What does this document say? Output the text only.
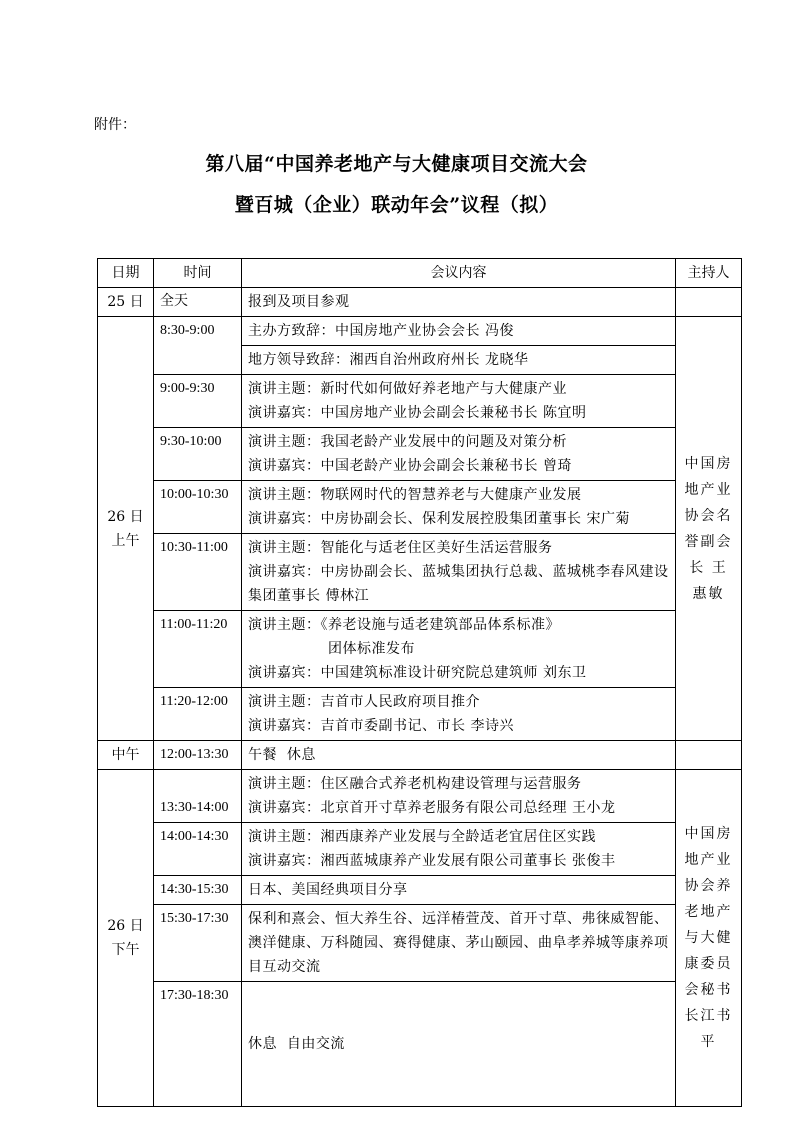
附件：
第八届“中国养老地产与大健康项目交流大会
暨百城（企业）联动年会”议程（拟）
日期	时间	会议内容	主持人
25 日	全天	报到及项目参观	

26 日
上午	8:30-9:00	主办方致辞：中国房地产业协会会长 冯俊	中国房地产业协会名誉副会长 王惠敏

		地方领导致辞：湘西自治州政府州长 龙晓华	

	9:00-9:30	演讲主题：新时代如何做好养老地产与大健康产业
演讲嘉宾：中国房地产业协会副会长兼秘书长 陈宜明	

	9:30-10:00	演讲主题：我国老龄产业发展中的问题及对策分析
演讲嘉宾：中国老龄产业协会副会长兼秘书长 曾琦	

	10:00-10:30	演讲主题：物联网时代的智慧养老与大健康产业发展
演讲嘉宾：中房协副会长、保利发展控股集团董事长 宋广菊	

	10:30-11:00	演讲主题：智能化与适老住区美好生活运营服务
演讲嘉宾：中房协副会长、蓝城集团执行总裁、蓝城桃李春风建设集团董事长 傅林江	

	11:00-11:20	演讲主题：《养老设施与适老建筑部品体系标准》
团体标准发布
演讲嘉宾：中国建筑标准设计研究院总建筑师 刘东卫	

	11:20-12:00	演讲主题：吉首市人民政府项目推介
演讲嘉宾：吉首市委副书记、市长 李诗兴	

中午	12:00-13:30	午餐  休息	

26 日
下午	13:30-14:00	演讲主题：住区融合式养老机构建设管理与运营服务
演讲嘉宾：北京首开寸草养老服务有限公司总经理 王小龙	中国房地产业协会养老地产与大健康委员会秘书长江书平
	14:00-14:30	演讲主题：湘西康养产业发展与全龄适老宜居住区实践
演讲嘉宾：湘西蓝城康养产业发展有限公司董事长 张俊丰	

	14:30-15:30	日本、美国经典项目分享	

	15:30-17:30	保利和熹会、恒大养生谷、远洋椿萱茂、首开寸草、弗徕威智能、澳洋健康、万科随园、赛得健康、茅山颐园、曲阜孝养城等康养项目互动交流	

	17:30-18:30	休息  自由交流	
